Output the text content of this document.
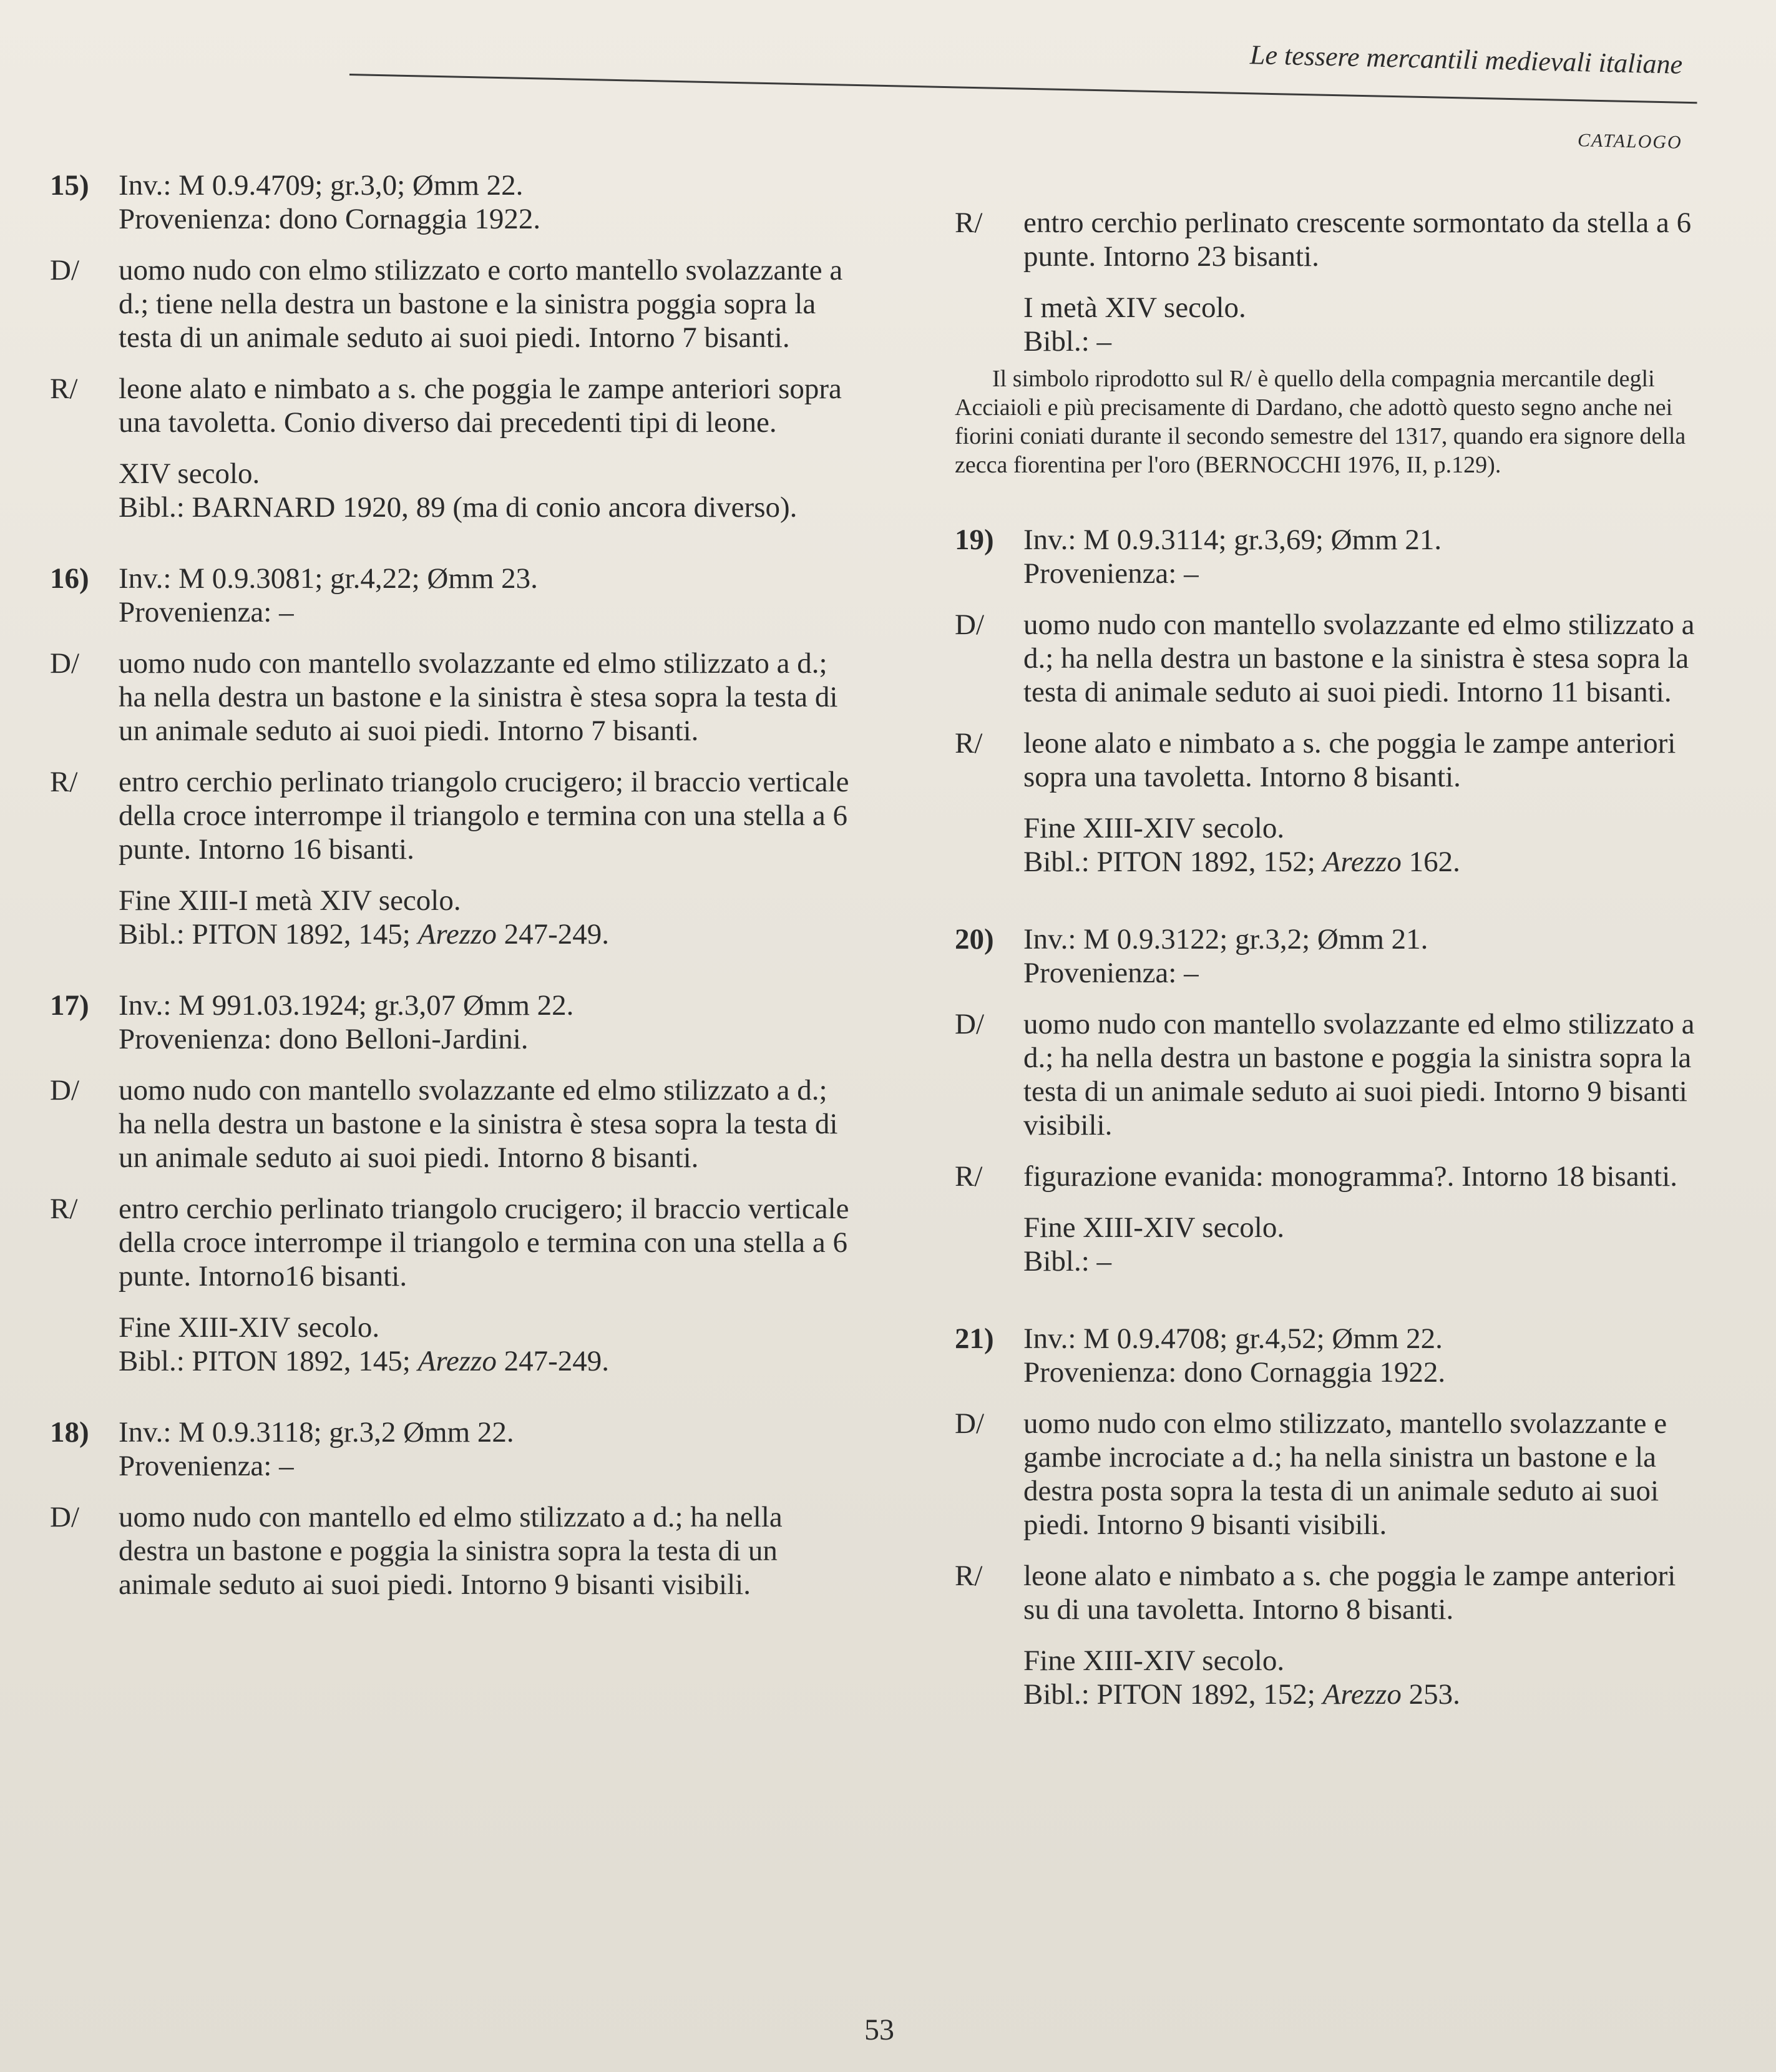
Le tessere mercantili medievali italiane
CATALOGO
15)	Inv.: M 0.9.4709; gr.3,0; Ømm 22.
Provenienza: dono Cornaggia 1922.
D/	uomo nudo con elmo stilizzato e corto mantello svolazzante a d.; tiene nella destra un bastone e la sinistra poggia sopra la testa di un animale seduto ai suoi piedi. Intorno 7 bisanti.
R/	leone alato e nimbato a s. che poggia le zampe anteriori sopra una tavoletta. Conio diverso dai precedenti tipi di leone.
XIV secolo.
Bibl.: BARNARD 1920, 89 (ma di conio ancora diverso).
16)	Inv.: M 0.9.3081; gr.4,22; Ømm 23.
Provenienza: –
D/	uomo nudo con mantello svolazzante ed elmo stilizzato a d.; ha nella destra un bastone e la sinistra è stesa sopra la testa di un animale seduto ai suoi piedi. Intorno 7 bisanti.
R/	entro cerchio perlinato triangolo crucigero; il braccio verticale della croce interrompe il triangolo e termina con una stella a 6 punte. Intorno 16 bisanti.
Fine XIII-I metà XIV secolo.
Bibl.: PITON 1892, 145; Arezzo 247-249.
17)	Inv.: M 991.03.1924; gr.3,07 Ømm 22.
Provenienza: dono Belloni-Jardini.
D/	uomo nudo con mantello svolazzante ed elmo stilizzato a d.; ha nella destra un bastone e la sinistra è stesa sopra la testa di un animale seduto ai suoi piedi. Intorno 8 bisanti.
R/	entro cerchio perlinato triangolo crucigero; il braccio verticale della croce interrompe il triangolo e termina con una stella a 6 punte. Intorno16 bisanti.
Fine XIII-XIV secolo.
Bibl.: PITON 1892, 145; Arezzo 247-249.
18)	Inv.: M 0.9.3118; gr.3,2 Ømm 22.
Provenienza: –
D/	uomo nudo con mantello ed elmo stilizzato a d.; ha nella destra un bastone e poggia la sinistra sopra la testa di un animale seduto ai suoi piedi. Intorno 9 bisanti visibili.
R/	entro cerchio perlinato crescente sormontato da stella a 6 punte. Intorno 23 bisanti.
I metà XIV secolo.
Bibl.: –

Il simbolo riprodotto sul R/ è quello della compagnia mercantile degli Acciaioli e più precisamente di Dardano, che adottò questo segno anche nei fiorini coniati durante il secondo semestre del 1317, quando era signore della zecca fiorentina per l'oro (BERNOCCHI 1976, II, p.129).

19)	Inv.: M 0.9.3114; gr.3,69; Ømm 21.
Provenienza: –
D/	uomo nudo con mantello svolazzante ed elmo stilizzato a d.; ha nella destra un bastone e la sinistra è stesa sopra la testa di animale seduto ai suoi piedi. Intorno 11 bisanti.
R/	leone alato e nimbato a s. che poggia le zampe anteriori sopra una tavoletta. Intorno 8 bisanti.
Fine XIII-XIV secolo.
Bibl.: PITON 1892, 152; Arezzo 162.
20)	Inv.: M 0.9.3122; gr.3,2; Ømm 21.
Provenienza: –
D/	uomo nudo con mantello svolazzante ed elmo stilizzato a d.; ha nella destra un bastone e poggia la sinistra sopra la testa di un animale seduto ai suoi piedi. Intorno 9 bisanti visibili.
R/	figurazione evanida: monogramma?. Intorno 18 bisanti.
Fine XIII-XIV secolo.
Bibl.: –
21)	Inv.: M 0.9.4708; gr.4,52; Ømm 22.
Provenienza: dono Cornaggia 1922.
D/	uomo nudo con elmo stilizzato, mantello svolazzante e gambe incrociate a d.; ha nella sinistra un bastone e la destra posta sopra la testa di un animale seduto ai suoi piedi. Intorno 9 bisanti visibili.
R/	leone alato e nimbato a s. che poggia le zampe anteriori su di una tavoletta. Intorno 8 bisanti.
Fine XIII-XIV secolo.
Bibl.: PITON 1892, 152; Arezzo 253.
53
